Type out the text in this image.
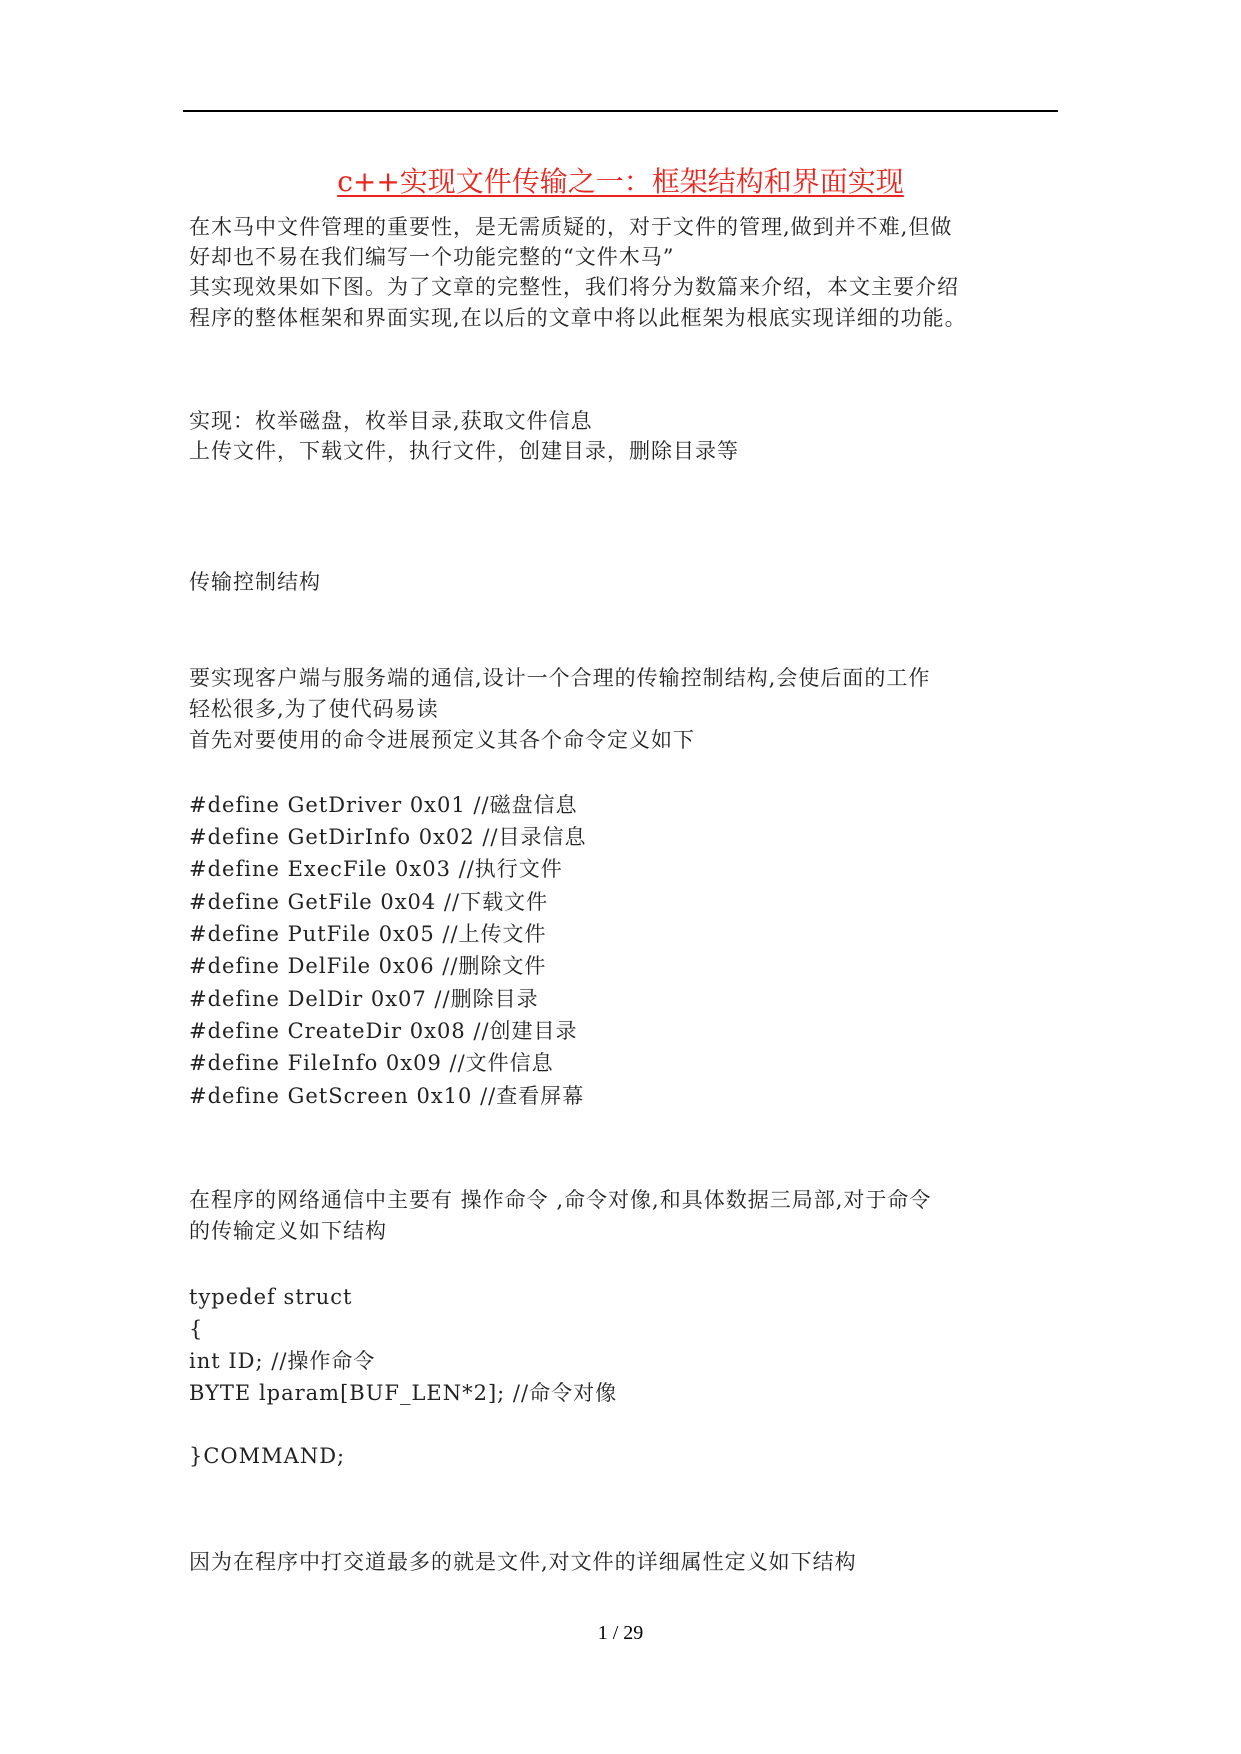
c++实现文件传输之一：框架结构和界面实现
在木马中文件管理的重要性，是无需质疑的，对于文件的管理,做到并不难,但做
好却也不易在我们编写一个功能完整的“文件木马”
其实现效果如下图。为了文章的完整性，我们将分为数篇来介绍，本文主要介绍
程序的整体框架和界面实现,在以后的文章中将以此框架为根底实现详细的功能。
实现：枚举磁盘，枚举目录,获取文件信息
上传文件，下载文件，执行文件，创建目录，删除目录等
传输控制结构
要实现客户端与服务端的通信,设计一个合理的传输控制结构,会使后面的工作
轻松很多,为了使代码易读
首先对要使用的命令进展预定义其各个命令定义如下
#define GetDriver 0x01 //磁盘信息
#define GetDirInfo 0x02 //目录信息
#define ExecFile 0x03 //执行文件
#define GetFile 0x04 //下载文件
#define PutFile 0x05 //上传文件
#define DelFile 0x06 //删除文件
#define DelDir 0x07 //删除目录
#define CreateDir 0x08 //创建目录
#define FileInfo 0x09 //文件信息
#define GetScreen 0x10 //查看屏幕
在程序的网络通信中主要有 操作命令 ,命令对像,和具体数据三局部,对于命令
的传输定义如下结构
typedef struct
{
int ID; //操作命令
BYTE lparam[BUF_LEN*2]; //命令对像
}COMMAND;
因为在程序中打交道最多的就是文件,对文件的详细属性定义如下结构
1 / 29
